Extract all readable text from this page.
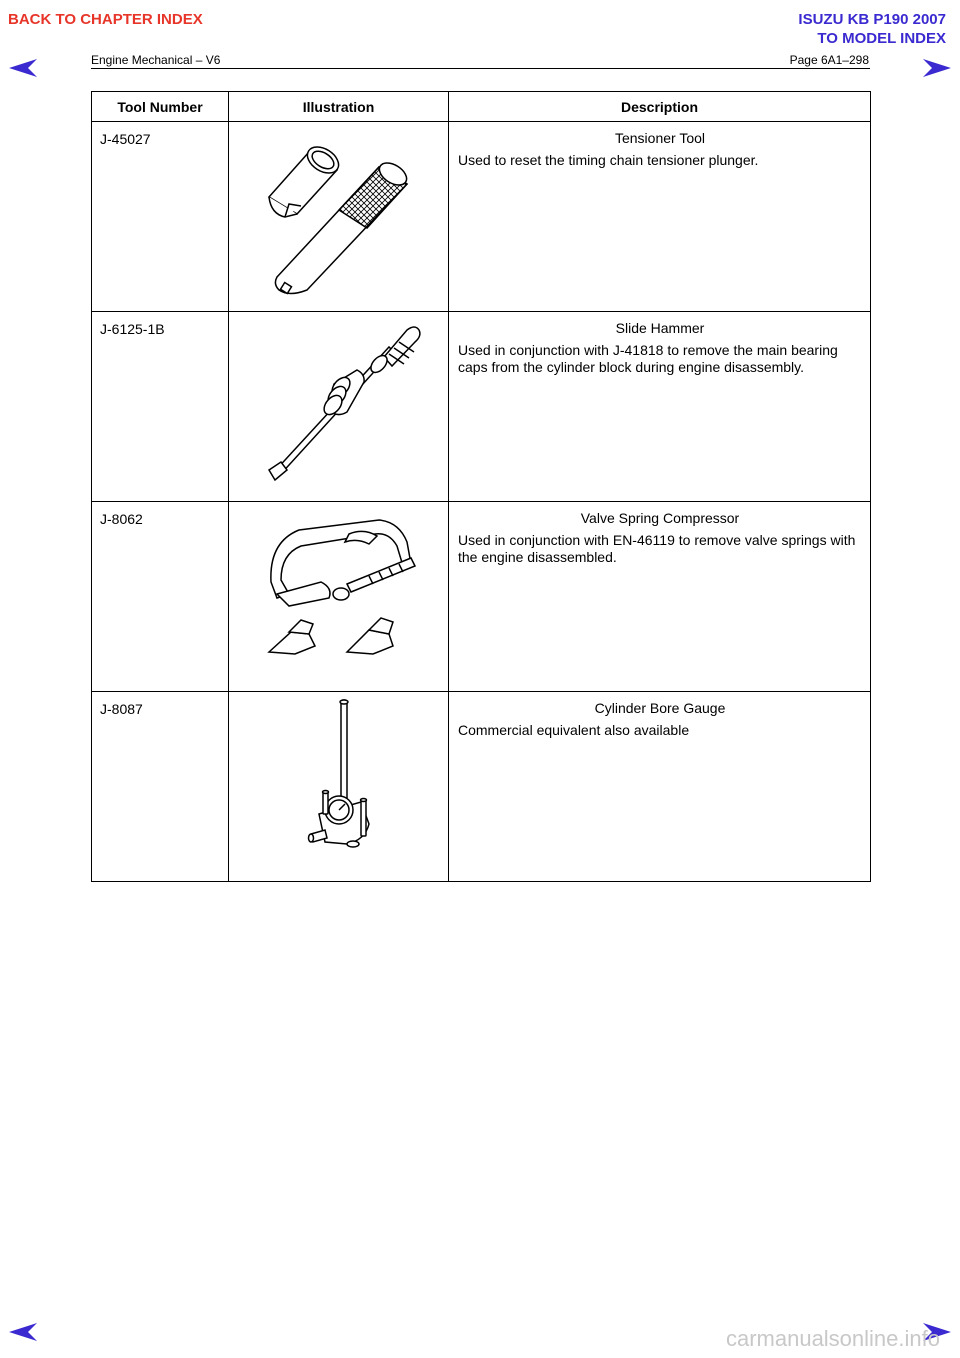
BACK TO CHAPTER INDEX	ISUZU KB P190 2007
TO MODEL INDEX
Engine Mechanical – V6	Page 6A1–298
Tool Number	Illustration	Description
J-45027		Tensioner Tool
Used to reset the timing chain tensioner plunger.

J-6125-1B		Slide Hammer
Used in conjunction with J-41818 to remove the main bearing caps from the cylinder block during engine disassembly.

J-8062		Valve Spring Compressor
Used in conjunction with EN-46119 to remove valve springs with the engine disassembled.

J-8087		Cylinder Bore Gauge
Commercial equivalent also available
carmanualsonline.info
